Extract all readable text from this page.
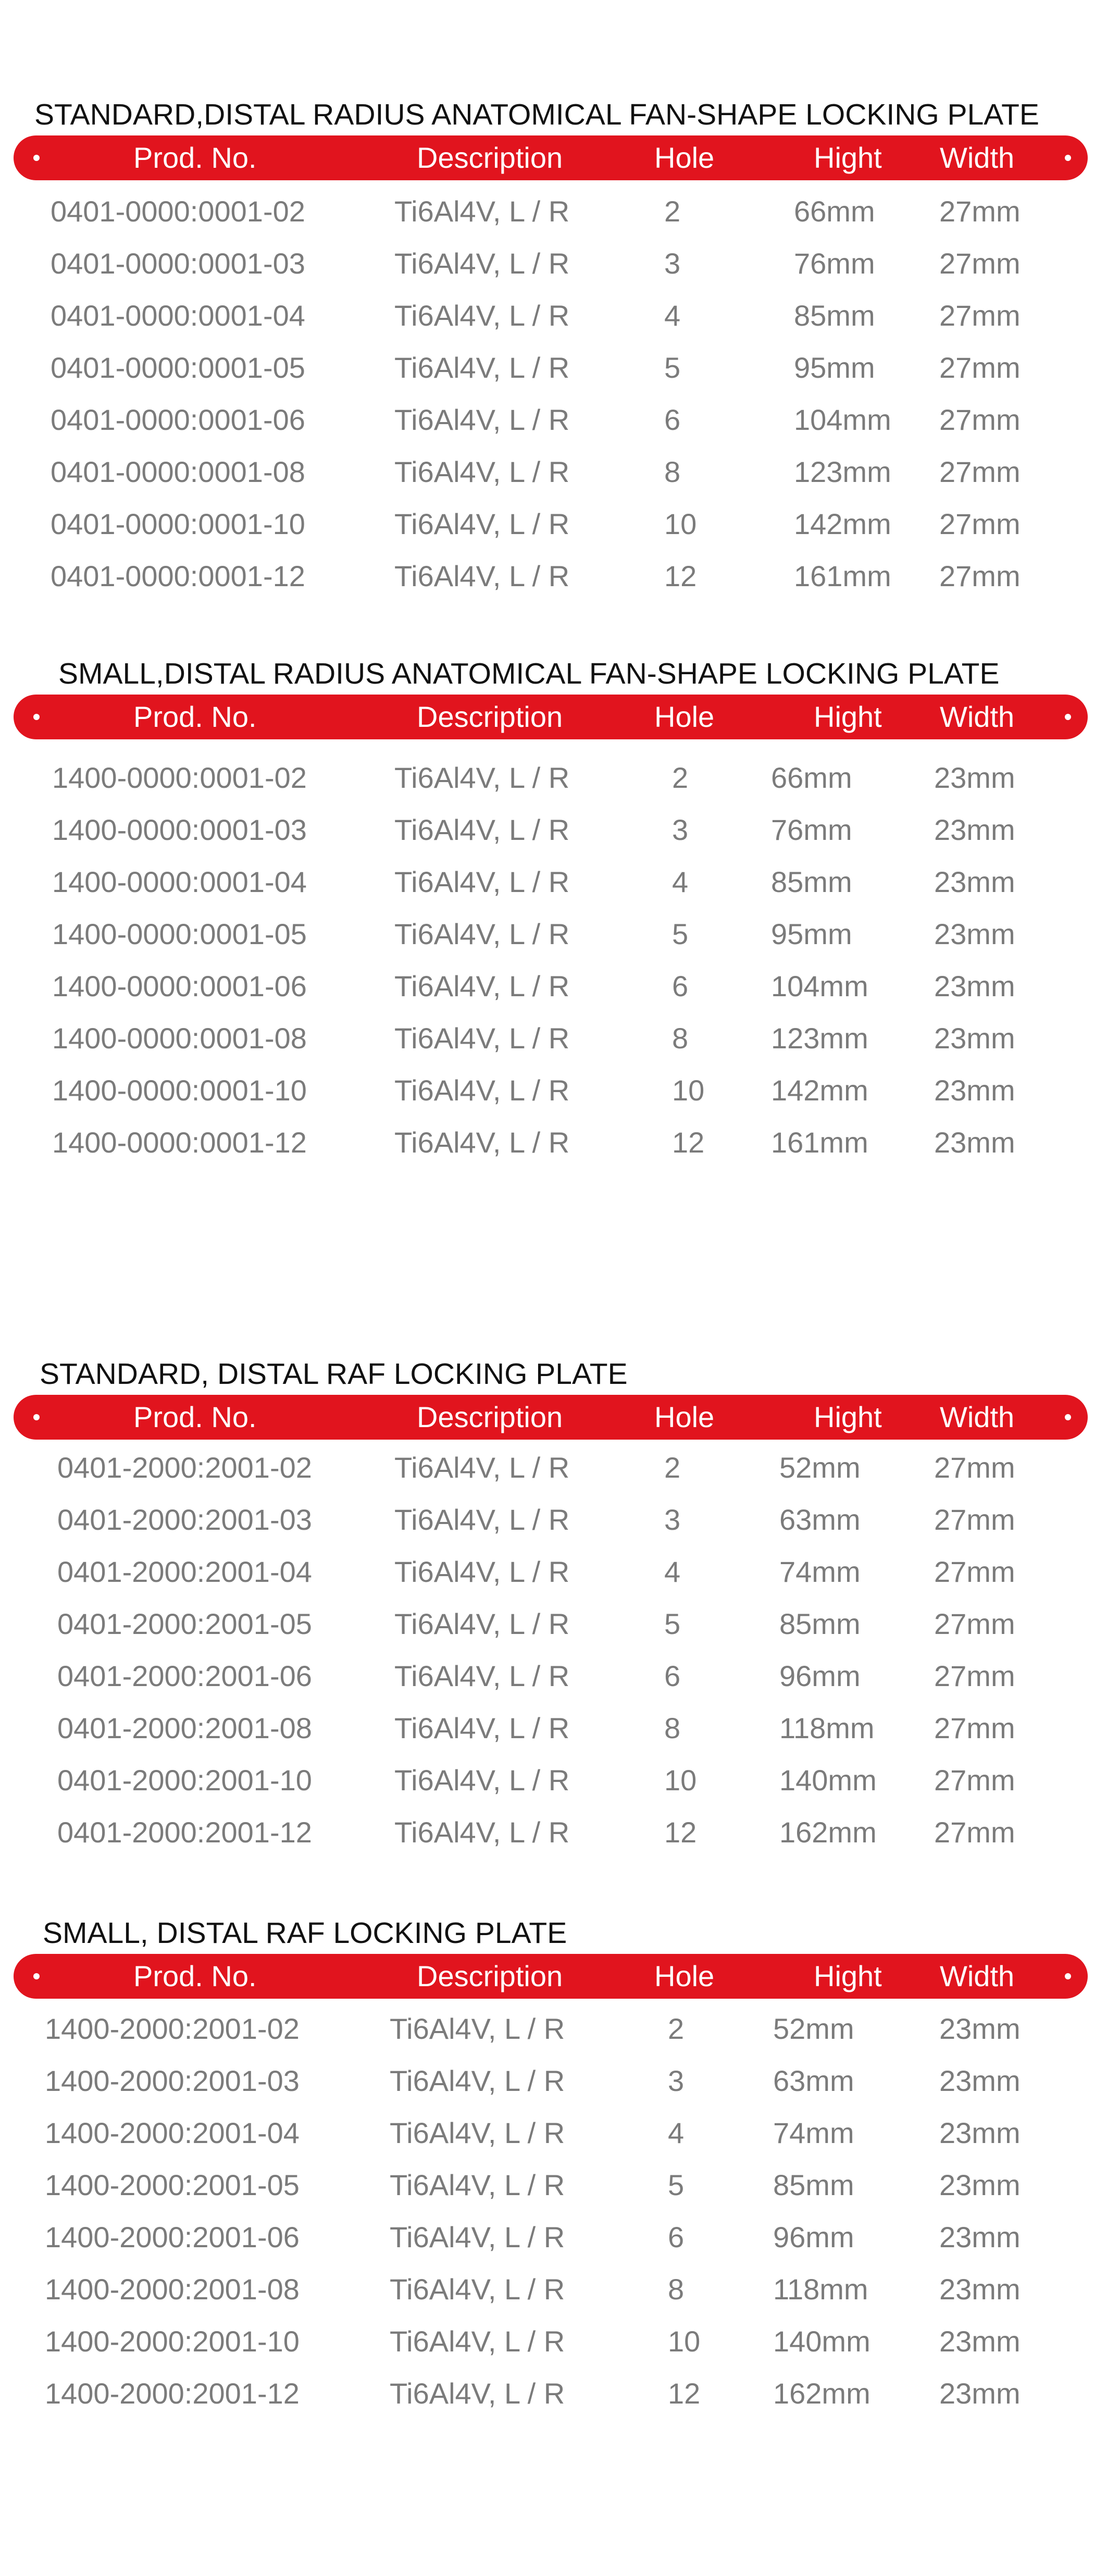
STANDARD,DISTAL RADIUS ANATOMICAL FAN-SHAPE LOCKING PLATE
Prod. No.	Description	Hole	Hight Width
0401-0000:0001-02	Ti6Al4V, L / R	2	66mm 27mm
0401-0000:0001-03	Ti6Al4V, L / R	3	76mm 27mm
0401-0000:0001-04	Ti6Al4V, L / R	4	85mm 27mm
0401-0000:0001-05	Ti6Al4V, L / R	5	95mm 27mm
0401-0000:0001-06	Ti6Al4V, L / R	6	104mm 27mm
0401-0000:0001-08	Ti6Al4V, L / R	8	123mm 27mm
0401-0000:0001-10	Ti6Al4V, L / R	10	142mm 27mm
0401-0000:0001-12	Ti6Al4V, L / R	12	161mm 27mm
SMALL,DISTAL RADIUS ANATOMICAL FAN-SHAPE LOCKING PLATE
Prod. No.	Description	Hole	Hight Width
1400-0000:0001-02	Ti6Al4V, L / R	2	66mm	23mm
1400-0000:0001-03	Ti6Al4V, L / R	3	76mm	23mm
1400-0000:0001-04	Ti6Al4V, L / R	4	85mm	23mm
1400-0000:0001-05	Ti6Al4V, L / R	5	95mm	23mm
1400-0000:0001-06	Ti6Al4V, L / R	6	104mm 23mm
1400-0000:0001-08	Ti6Al4V, L / R	8	123mm 23mm
1400-0000:0001-10	Ti6Al4V, L / R	10 142mm 23mm
1400-0000:0001-12	Ti6Al4V, L / R	12 161mm 23mm
STANDARD, DISTAL RAF LOCKING PLATE
Prod. No.	Description	Hole	Hight Width
0401-2000:2001-02	Ti6Al4V, L / R	2	52mm	27mm
0401-2000:2001-03	Ti6Al4V, L / R	3	63mm	27mm
0401-2000:2001-04	Ti6Al4V, L / R	4	74mm	27mm
0401-2000:2001-05	Ti6Al4V, L / R	5	85mm	27mm
0401-2000:2001-06	Ti6Al4V, L / R	6	96mm	27mm
0401-2000:2001-08	Ti6Al4V, L / R	8	118mm 27mm
0401-2000:2001-10	Ti6Al4V, L / R	10	140mm 27mm
0401-2000:2001-12	Ti6Al4V, L / R	12	162mm 27mm
SMALL, DISTAL RAF LOCKING PLATE
Prod. No.	Description	Hole	Hight Width
1400-2000:2001-02	Ti6Al4V, L / R	2	52mm	23mm
1400-2000:2001-03	Ti6Al4V, L / R	3	63mm	23mm
1400-2000:2001-04	Ti6Al4V, L / R	4	74mm	23mm
1400-2000:2001-05	Ti6Al4V, L / R	5	85mm	23mm
1400-2000:2001-06	Ti6Al4V, L / R	6	96mm	23mm
1400-2000:2001-08	Ti6Al4V, L / R	8	118mm 23mm
1400-2000:2001-10	Ti6Al4V, L / R	10 140mm 23mm
1400-2000:2001-12	Ti6Al4V, L / R	12 162mm 23mm
